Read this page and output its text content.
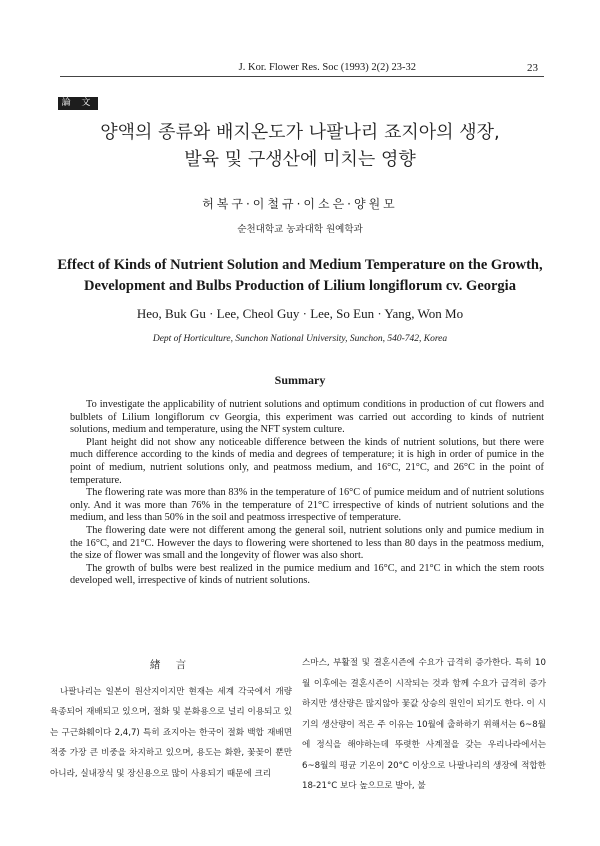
J. Kor. Flower Res. Soc (1993) 2(2) 23-32	23
論 文
양액의 종류와 배지온도가 나팔나리 죠지아의 생장,
발육 및 구생산에 미치는 영향
허복구·이철규·이소은·양원모
순천대학교 농과대학 원예학과
Effect of Kinds of Nutrient Solution and Medium Temperature on the Growth,
Development and Bulbs Production of Lilium longiflorum cv. Georgia
Heo, Buk Gu · Lee, Cheol Guy · Lee, So Eun · Yang, Won Mo
Dept of Horticulture, Sunchon National University, Sunchon, 540-742, Korea
Summary

To investigate the applicability of nutrient solutions and optimum conditions in production of cut flowers and bulblets of Lilium longiflorum cv Georgia, this experiment was carried out according to kinds of nutrient solutions, medium and temperature, using the NFT system culture.

Plant height did not show any noticeable difference between the kinds of nutrient solutions, but there were much difference according to the kinds of media and degrees of temperature; it is high in order of pumice in the point of medium, nutrient solutions only, and peatmoss medium, and 16°C, 21°C, and 26°C in the point of temperature.

The flowering rate was more than 83% in the temperature of 16°C of pumice meidum and of nutrient solutions only. And it was more than 76% in the temperature of 21°C irrespective of kinds of nutrient solutions and the medium, and less than 50% in the soil and peatmoss irrespective of temperature.

The flowering date were not different among the general soil, nutrient solutions only and pumice medium in the 16°C, and 21°C. However the days to flowering were shortened to less than 80 days in the peatmoss medium, the size of flower was small and the longevity of flower was also short.

The growth of bulbs were best realized in the pumice medium and 16°C, and 21°C in which the stem roots developed well, irrespective of kinds of nutrient solutions.

緖 言

나팔나리는 일본이 원산지이지만 현재는 세계 각국에서 개량육종되어 재배되고 있으며, 절화 및 분화용으로 널리 이용되고 있는 구근화훼이다 2,4,7) 특히 죠지아는 한국이 절화 백합 재배면적중 가장 큰 비중을 차지하고 있으며, 용도는 화환, 꽃꽂이 뿐만아니라, 실내장식 및 장신용으로 많이 사용되기 때문에 크리

스마스, 부활절 및 결혼시즌에 수요가 급격히 증가한다. 특히 10월 이후에는 결혼시즌이 시작되는 것과 함께 수요가 급격히 증가하지만 생산량은 많지않아 꽃값 상승의 원인이 되기도 한다. 이 시기의 생산량이 적은 주 이유는 10월에 출하하기 위해서는 6~8월에 정식을 해야하는데 뚜렷한 사계절을 갖는 우리나라에서는 6~8월의 평균 기온이 20°C 이상으로 나팔나리의 생장에 적합한 18-21°C 보다 높으므로 발아, 불
